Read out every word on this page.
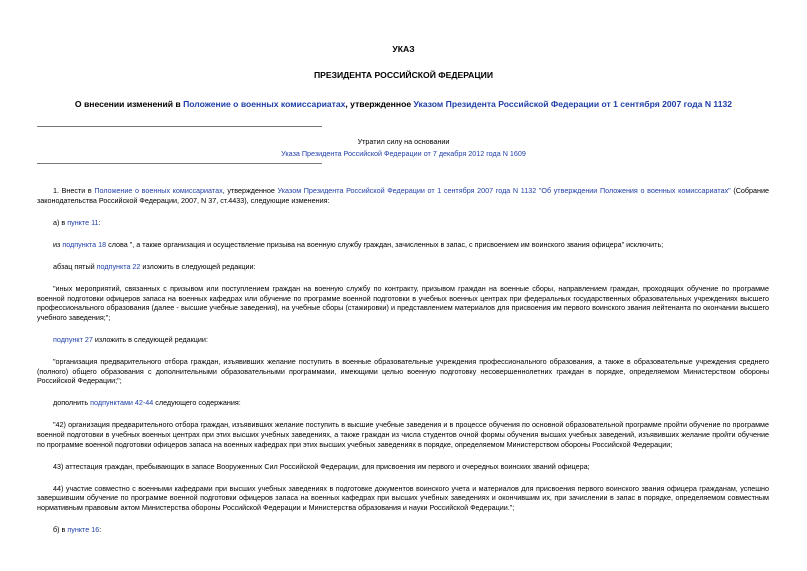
УКАЗ
ПРЕЗИДЕНТА РОССИЙСКОЙ ФЕДЕРАЦИИ
О внесении изменений в Положение о военных комиссариатах, утвержденное Указом Президента Российской Федерации от 1 сентября 2007 года N 1132
Утратил силу на основании
Указа Президента Российской Федерации от 7 декабря 2012 года N 1609

1. Внести в Положение о военных комиссариатах, утвержденное Указом Президента Российской Федерации от 1 сентября 2007 года N 1132 "Об утверждении Положения о военных комиссариатах" (Собрание законодательства Российской Федерации, 2007, N 37, ст.4433), следующие изменения:

а) в пункте 11:

из подпункта 18 слова ", а также организация и осуществление призыва на военную службу граждан, зачисленных в запас, с присвоением им воинского звания офицера" исключить;

абзац пятый подпункта 22 изложить в следующей редакции:

"иных мероприятий, связанных с призывом или поступлением граждан на военную службу по контракту, призывом граждан на военные сборы, направлением граждан, проходящих обучение по программе военной подготовки офицеров запаса на военных кафедрах или обучение по программе военной подготовки в учебных военных центрах при федеральных государственных образовательных учреждениях высшего профессионального образования (далее - высшие учебные заведения), на учебные сборы (стажировки) и представлением материалов для присвоения им первого воинского звания лейтенанта по окончании высшего учебного заведения;";

подпункт 27 изложить в следующей редакции:

"организация предварительного отбора граждан, изъявивших желание поступить в военные образовательные учреждения профессионального образования, а также в образовательные учреждения среднего (полного) общего образования с дополнительными образовательными программами, имеющими целью военную подготовку несовершеннолетних граждан в порядке, определяемом Министерством обороны Российской Федерации;";

дополнить подпунктами 42-44 следующего содержания:

"42) организация предварительного отбора граждан, изъявивших желание поступить в высшие учебные заведения и в процессе обучения по основной образовательной программе пройти обучение по программе военной подготовки в учебных военных центрах при этих высших учебных заведениях, а также граждан из числа студентов очной формы обучения высших учебных заведений, изъявивших желание пройти обучение по программе военной подготовки офицеров запаса на военных кафедрах при этих высших учебных заведениях в порядке, определяемом Министерством обороны Российской Федерации;

43) аттестация граждан, пребывающих в запасе Вооруженных Сил Российской Федерации, для присвоения им первого и очередных воинских званий офицера;

44) участие совместно с военными кафедрами при высших учебных заведениях в подготовке документов воинского учета и материалов для присвоения первого воинского звания офицера гражданам, успешно завершившим обучение по программе военной подготовки офицеров запаса на военных кафедрах при высших учебных заведениях и окончившим их, при зачислении в запас в порядке, определяемом совместным нормативным правовым актом Министерства обороны Российской Федерации и Министерства образования и науки Российской Федерации.";

б) в пункте 16:
